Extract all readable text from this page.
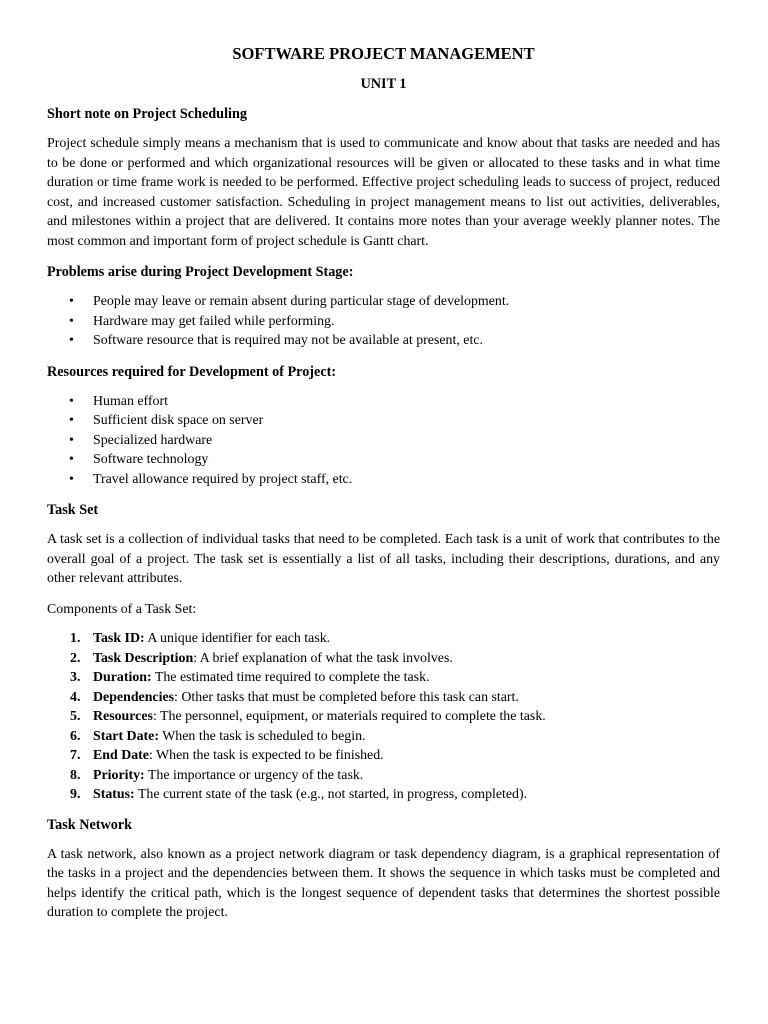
SOFTWARE PROJECT MANAGEMENT
UNIT 1
Short note on Project Scheduling

Project schedule simply means a mechanism that is used to communicate and know about that tasks are needed and has to be done or performed and which organizational resources will be given or allocated to these tasks and in what time duration or time frame work is needed to be performed. Effective project scheduling leads to success of project, reduced cost, and increased customer satisfaction. Scheduling in project management means to list out activities, deliverables, and milestones within a project that are delivered. It contains more notes than your average weekly planner notes. The most common and important form of project schedule is Gantt chart.

Problems arise during Project Development Stage:
• People may leave or remain absent during particular stage of development.
• Hardware may get failed while performing.
• Software resource that is required may not be available at present, etc.
Resources required for Development of Project:
• Human effort
• Sufficient disk space on server
• Specialized hardware
• Software technology
• Travel allowance required by project staff, etc.
Task Set

A task set is a collection of individual tasks that need to be completed. Each task is a unit of work that contributes to the overall goal of a project. The task set is essentially a list of all tasks, including their descriptions, durations, and any other relevant attributes.

Components of a Task Set:

1. Task ID: A unique identifier for each task.
2. Task Description: A brief explanation of what the task involves.
3. Duration: The estimated time required to complete the task.
4. Dependencies: Other tasks that must be completed before this task can start.
5. Resources: The personnel, equipment, or materials required to complete the task.
6. Start Date: When the task is scheduled to begin.
7. End Date: When the task is expected to be finished.
8. Priority: The importance or urgency of the task.
9. Status: The current state of the task (e.g., not started, in progress, completed).
Task Network

A task network, also known as a project network diagram or task dependency diagram, is a graphical representation of the tasks in a project and the dependencies between them. It shows the sequence in which tasks must be completed and helps identify the critical path, which is the longest sequence of dependent tasks that determines the shortest possible duration to complete the project.
